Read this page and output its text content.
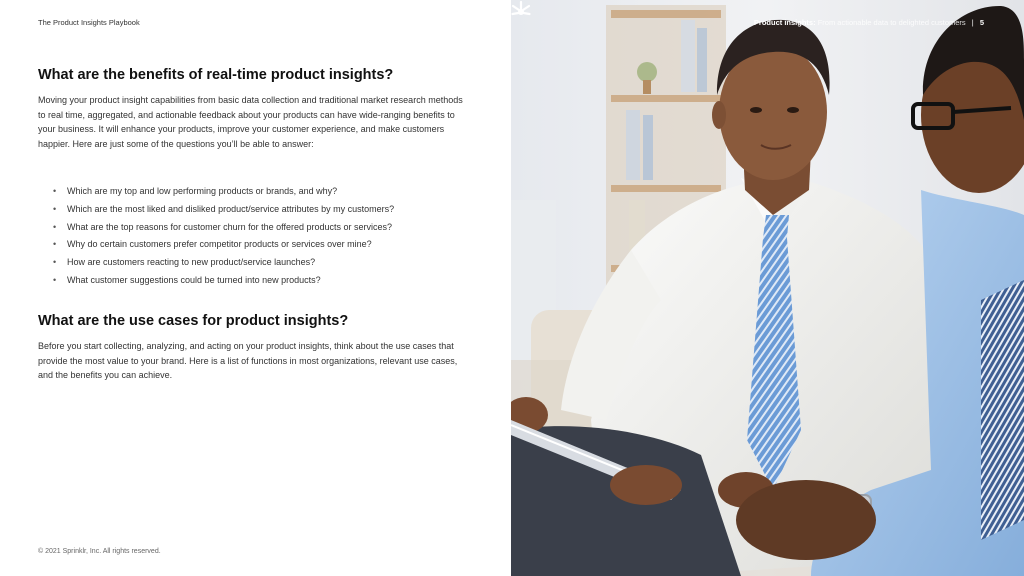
The Product Insights Playbook
What are the benefits of real-time product insights?
Moving your product insight capabilities from basic data collection and traditional market research methods to real time, aggregated, and actionable feedback about your products can have wide-ranging benefits to your business. It will enhance your products, improve your customer experience, and make customers happier. Here are just some of the questions you’ll be able to answer:
• Which are my top and low performing products or brands, and why?
• Which are the most liked and disliked product/service attributes by my customers?
• What are the top reasons for customer churn for the offered products or services?
• Why do certain customers prefer competitor products or services over mine?
• How are customers reacting to new product/service launches?
• What customer suggestions could be turned into new products?
What are the use cases for product insights?
Before you start collecting, analyzing, and acting on your product insights, think about the use cases that provide the most value to your brand. Here is a list of functions in most organizations, relevant use cases, and the benefits you can achieve.
© 2021 Sprinklr, Inc. All rights reserved.
Product insights: From actionable data to delighted customers | 5
